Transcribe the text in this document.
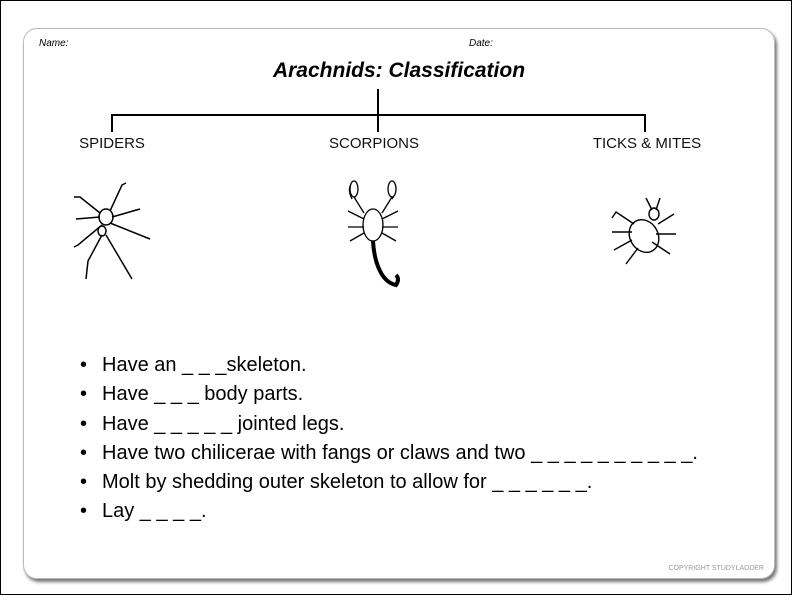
Name:	Date:
Arachnids: Classification
SPIDERS	SCORPIONS	TICKS & MITES
• Have an _ _ _skeleton.
• Have _ _ _ body parts.
• Have _ _ _ _ _ jointed legs.
• Have two chilicerae with fangs or claws and two _ _ _ _ _ _ _ _ _ _.
• Molt by shedding outer skeleton to allow for _ _ _ _ _ _.
• Lay _ _ _ _.
COPYRIGHT STUDYLADDER
